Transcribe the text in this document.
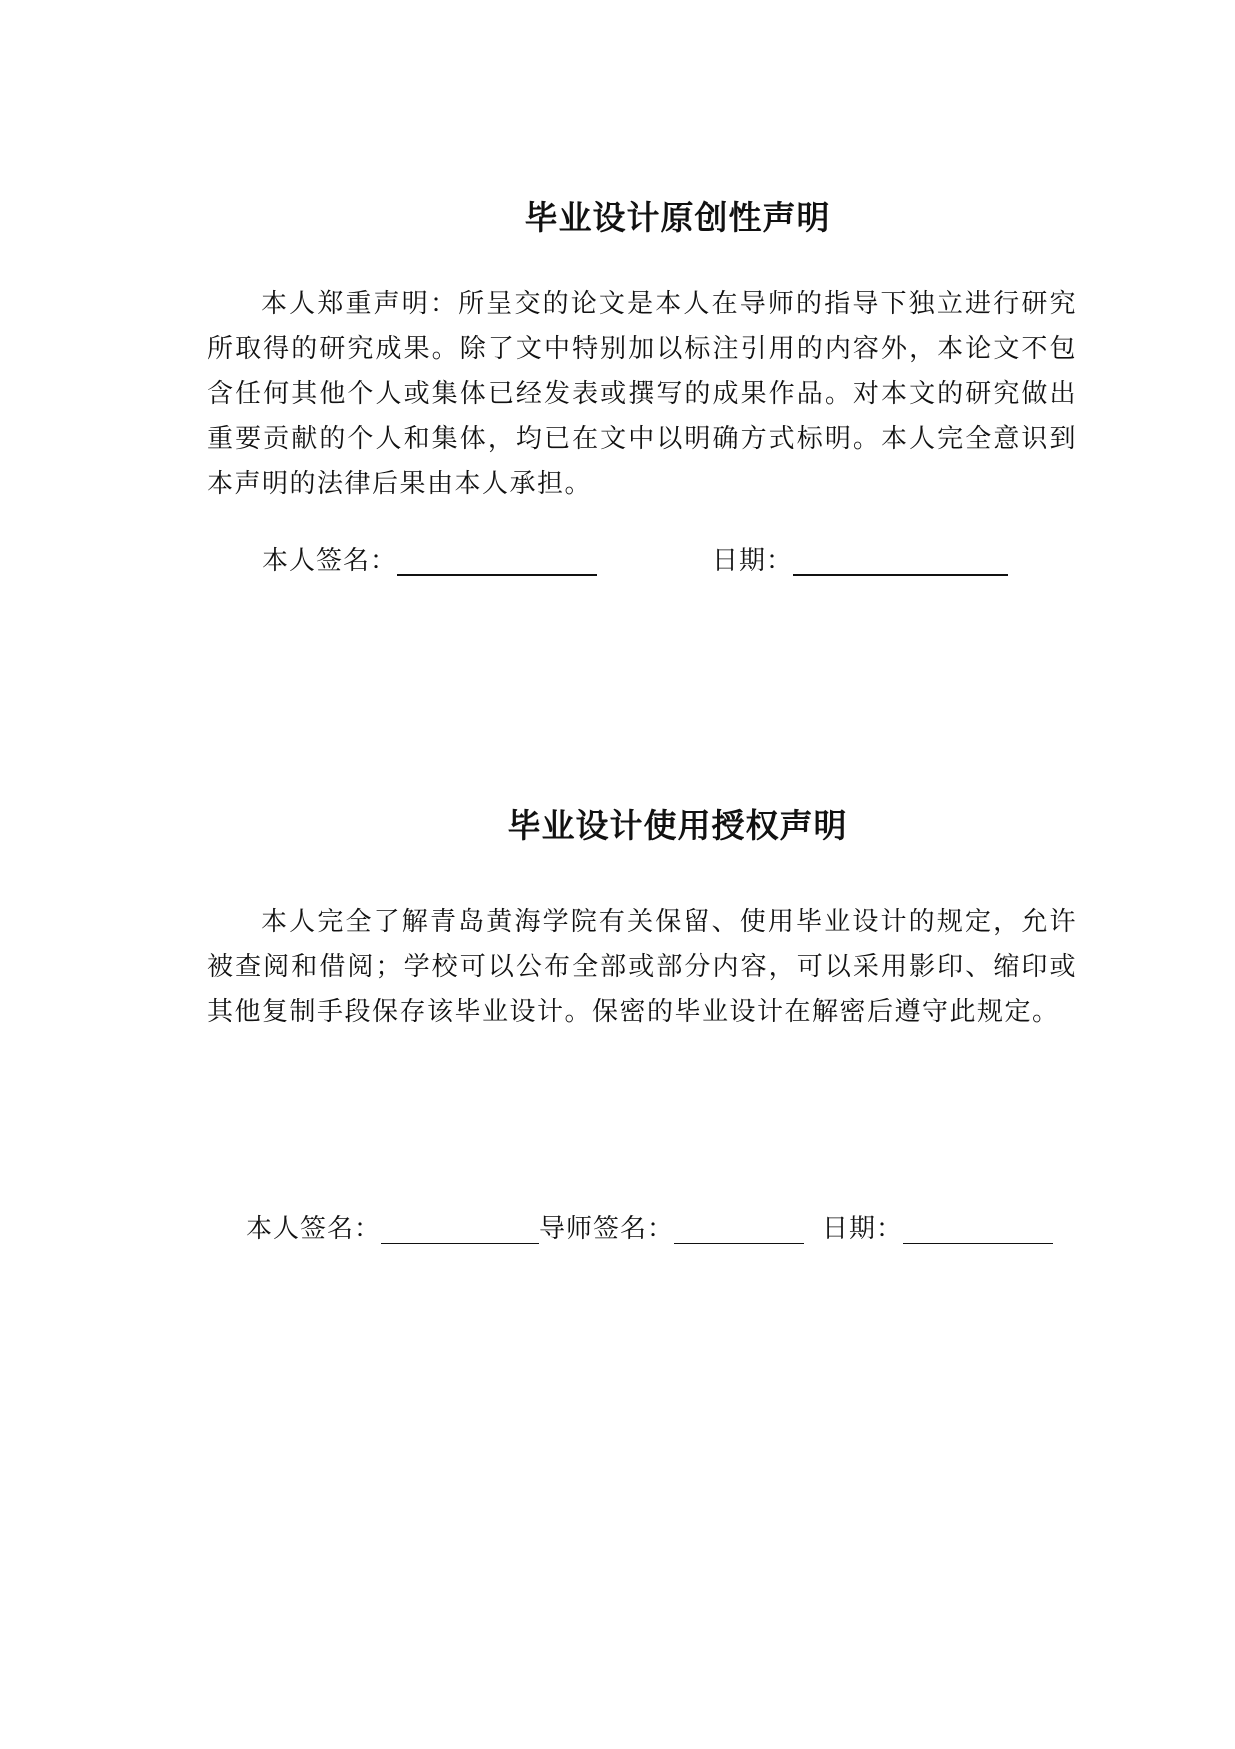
毕业设计原创性声明

本人郑重声明：所呈交的论文是本人在导师的指导下独立进行研究所取得的研究成果。除了文中特别加以标注引用的内容外，本论文不包含任何其他个人或集体已经发表或撰写的成果作品。对本文的研究做出重要贡献的个人和集体，均已在文中以明确方式标明。本人完全意识到本声明的法律后果由本人承担。

本人签名：	日期：
毕业设计使用授权声明

本人完全了解青岛黄海学院有关保留、使用毕业设计的规定，允许被查阅和借阅；学校可以公布全部或部分内容，可以采用影印、缩印或其他复制手段保存该毕业设计。保密的毕业设计在解密后遵守此规定。

本人签名：	导师签名：	日期：
